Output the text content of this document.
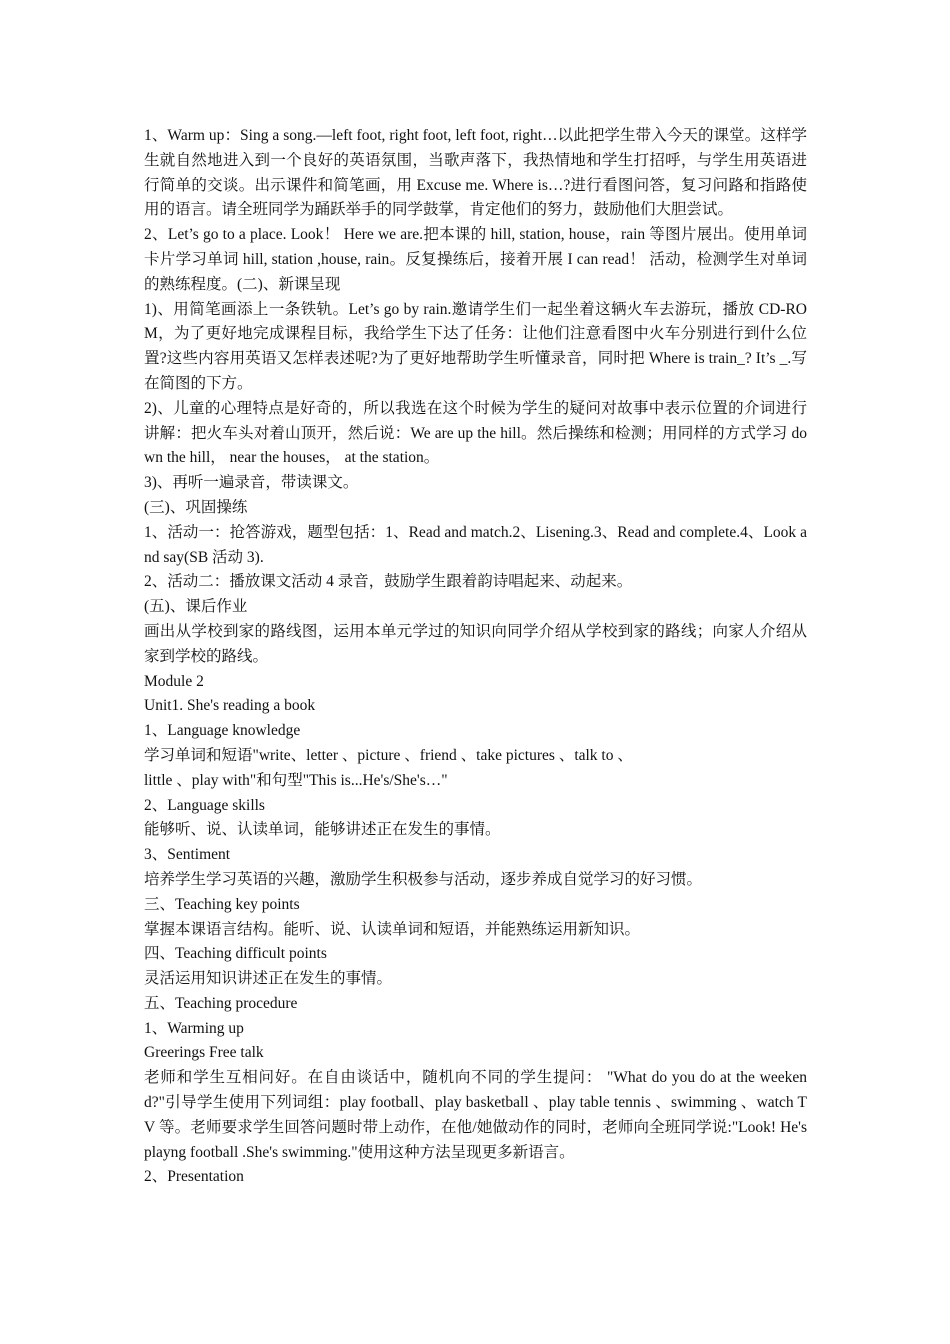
1、Warm up：Sing a song.—left foot, right foot, left foot, right…以此把学生带入今天的课堂。这样学生就自然地进入到一个良好的英语氛围，当歌声落下，我热情地和学生打招呼，与学生用英语进行简单的交谈。出示课件和简笔画，用 Excuse me. Where is…?进行看图问答，复习问路和指路使用的语言。请全班同学为踊跃举手的同学鼓掌，肯定他们的努力，鼓励他们大胆尝试。

2、Let’s go to a place. Look！ Here we are.把本课的 hill, station, house，rain 等图片展出。使用单词卡片学习单词 hill, station ,house, rain。反复操练后，接着开展 I can read！ 活动，检测学生对单词的熟练程度。(二)、新课呈现

1)、用简笔画添上一条铁轨。Let’s go by rain.邀请学生们一起坐着这辆火车去游玩，播放 CD-ROM，为了更好地完成课程目标，我给学生下达了任务：让他们注意看图中火车分别进行到什么位置?这些内容用英语又怎样表述呢?为了更好地帮助学生听懂录音，同时把 Where is train_? It’s _.写在简图的下方。

2)、儿童的心理特点是好奇的，所以我选在这个时候为学生的疑问对故事中表示位置的介词进行讲解：把火车头对着山顶开，然后说：We are up the hill。然后操练和检测；用同样的方式学习 down the hill， near the houses， at the station。

3)、再听一遍录音，带读课文。

(三)、巩固操练

1、活动一：抢答游戏，题型包括：1、Read and match.2、Lisening.3、Read and complete.4、Look and say(SB 活动 3).

2、活动二：播放课文活动 4 录音，鼓励学生跟着韵诗唱起来、动起来。

(五)、课后作业

画出从学校到家的路线图，运用本单元学过的知识向同学介绍从学校到家的路线；向家人介绍从家到学校的路线。

Module 2

Unit1. She's reading a book

1、Language knowledge

学习单词和短语"write、letter 、picture 、friend 、take pictures 、talk to 、

little 、play with"和句型"This is...He's/She's…"

2、Language skills

能够听、说、认读单词，能够讲述正在发生的事情。

3、Sentiment

培养学生学习英语的兴趣，激励学生积极参与活动，逐步养成自觉学习的好习惯。

三、Teaching key points

掌握本课语言结构。能听、说、认读单词和短语，并能熟练运用新知识。

四、Teaching difficult points

灵活运用知识讲述正在发生的事情。

五、Teaching procedure

1、Warming up

Greerings Free talk

老师和学生互相问好。在自由谈话中，随机向不同的学生提问： "What do you do at the weekend?"引导学生使用下列词组：play football、play basketball 、play table tennis 、swimming 、watch TV 等。老师要求学生回答问题时带上动作，在他/她做动作的同时，老师向全班同学说:"Look! He's playng football .She's swimming."使用这种方法呈现更多新语言。

2、Presentation
